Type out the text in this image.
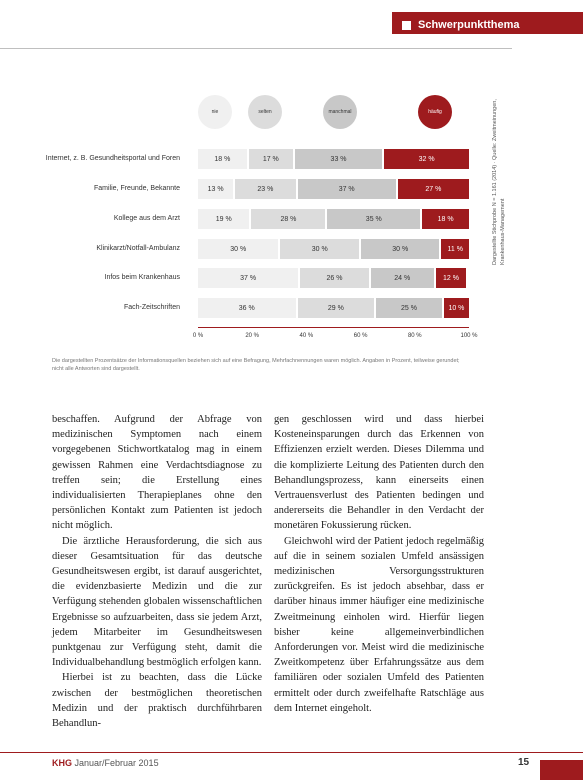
Schwerpunktthema
nie	selten	manchmal	häufig
Internet, z. B. Gesundheitsportal und Foren	18 %	17 %	33 %	32 %
Familie, Freunde, Bekannte	13 %	23 %	37 %	27 %
Kollege aus dem Arzt	19 %	28 %	35 %	18 %
Klinikarzt/Notfall-Ambulanz	30 %	30 %	30 %	11 %
Infos beim Krankenhaus	37 %	26 %	24 %	12 %
Fach-Zeitschriften	36 %	29 %	25 %	10 %
0 %	20 %	40 %	60 %	80 %	100 %
Dargestellte Stichprobe N = 1.161 (2014) · Quelle: Zweitmeinungen, Krankenhaus-Management
Die dargestellten Prozentsätze der Informationsquellen beziehen sich auf eine Befragung, Mehrfachnennungen waren möglich. Angaben in Prozent, teilweise gerundet; nicht alle Antworten sind dargestellt.

beschaffen. Aufgrund der Abfrage von medizinischen Symptomen nach einem vorgegebenen Stichwortkatalog mag in einem gewissen Rahmen eine Verdachtsdiagnose zu treffen sein; die Erstellung eines individualisierten Therapieplanes ohne den persönlichen Kontakt zum Patienten ist jedoch nicht möglich.

Die ärztliche Herausforderung, die sich aus dieser Gesamtsituation für das deutsche Gesundheitswesen ergibt, ist darauf ausgerichtet, die evidenzbasierte Medizin und die zur Verfügung stehenden globalen wissenschaftlichen Ergebnisse so aufzuarbeiten, dass sie jedem Arzt, jedem Mitarbeiter im Gesundheitswesen punktgenau zur Verfügung steht, damit die Individualbehandlung bestmöglich erfolgen kann.

Hierbei ist zu beachten, dass die Lücke zwischen der bestmöglichen theoretischen Medizin und der praktisch durchführbaren Behandlun-

gen geschlossen wird und dass hierbei Kosteneinsparungen durch das Erkennen von Effizienzen erzielt werden. Dieses Dilemma und die komplizierte Leitung des Patienten durch den Behandlungsprozess, kann einerseits einen Vertrauensverlust des Patienten bedingen und andererseits die Behandler in den Verdacht der monetären Fokussierung rücken.

Gleichwohl wird der Patient jedoch regelmäßig auf die in seinem sozialen Umfeld ansässigen medizinischen Versorgungsstrukturen zurückgreifen. Es ist jedoch absehbar, dass er darüber hinaus immer häufiger eine medizinische Zweitmeinung einholen wird. Hierfür liegen bisher keine allgemeinverbindlichen Anforderungen vor. Meist wird die medizinische Zweitkompetenz über Erfahrungssätze aus dem familiären oder sozialen Umfeld des Patienten ermittelt oder durch zweifelhafte Ratschläge aus dem Internet eingeholt.

KHG Januar/Februar 2015	15
